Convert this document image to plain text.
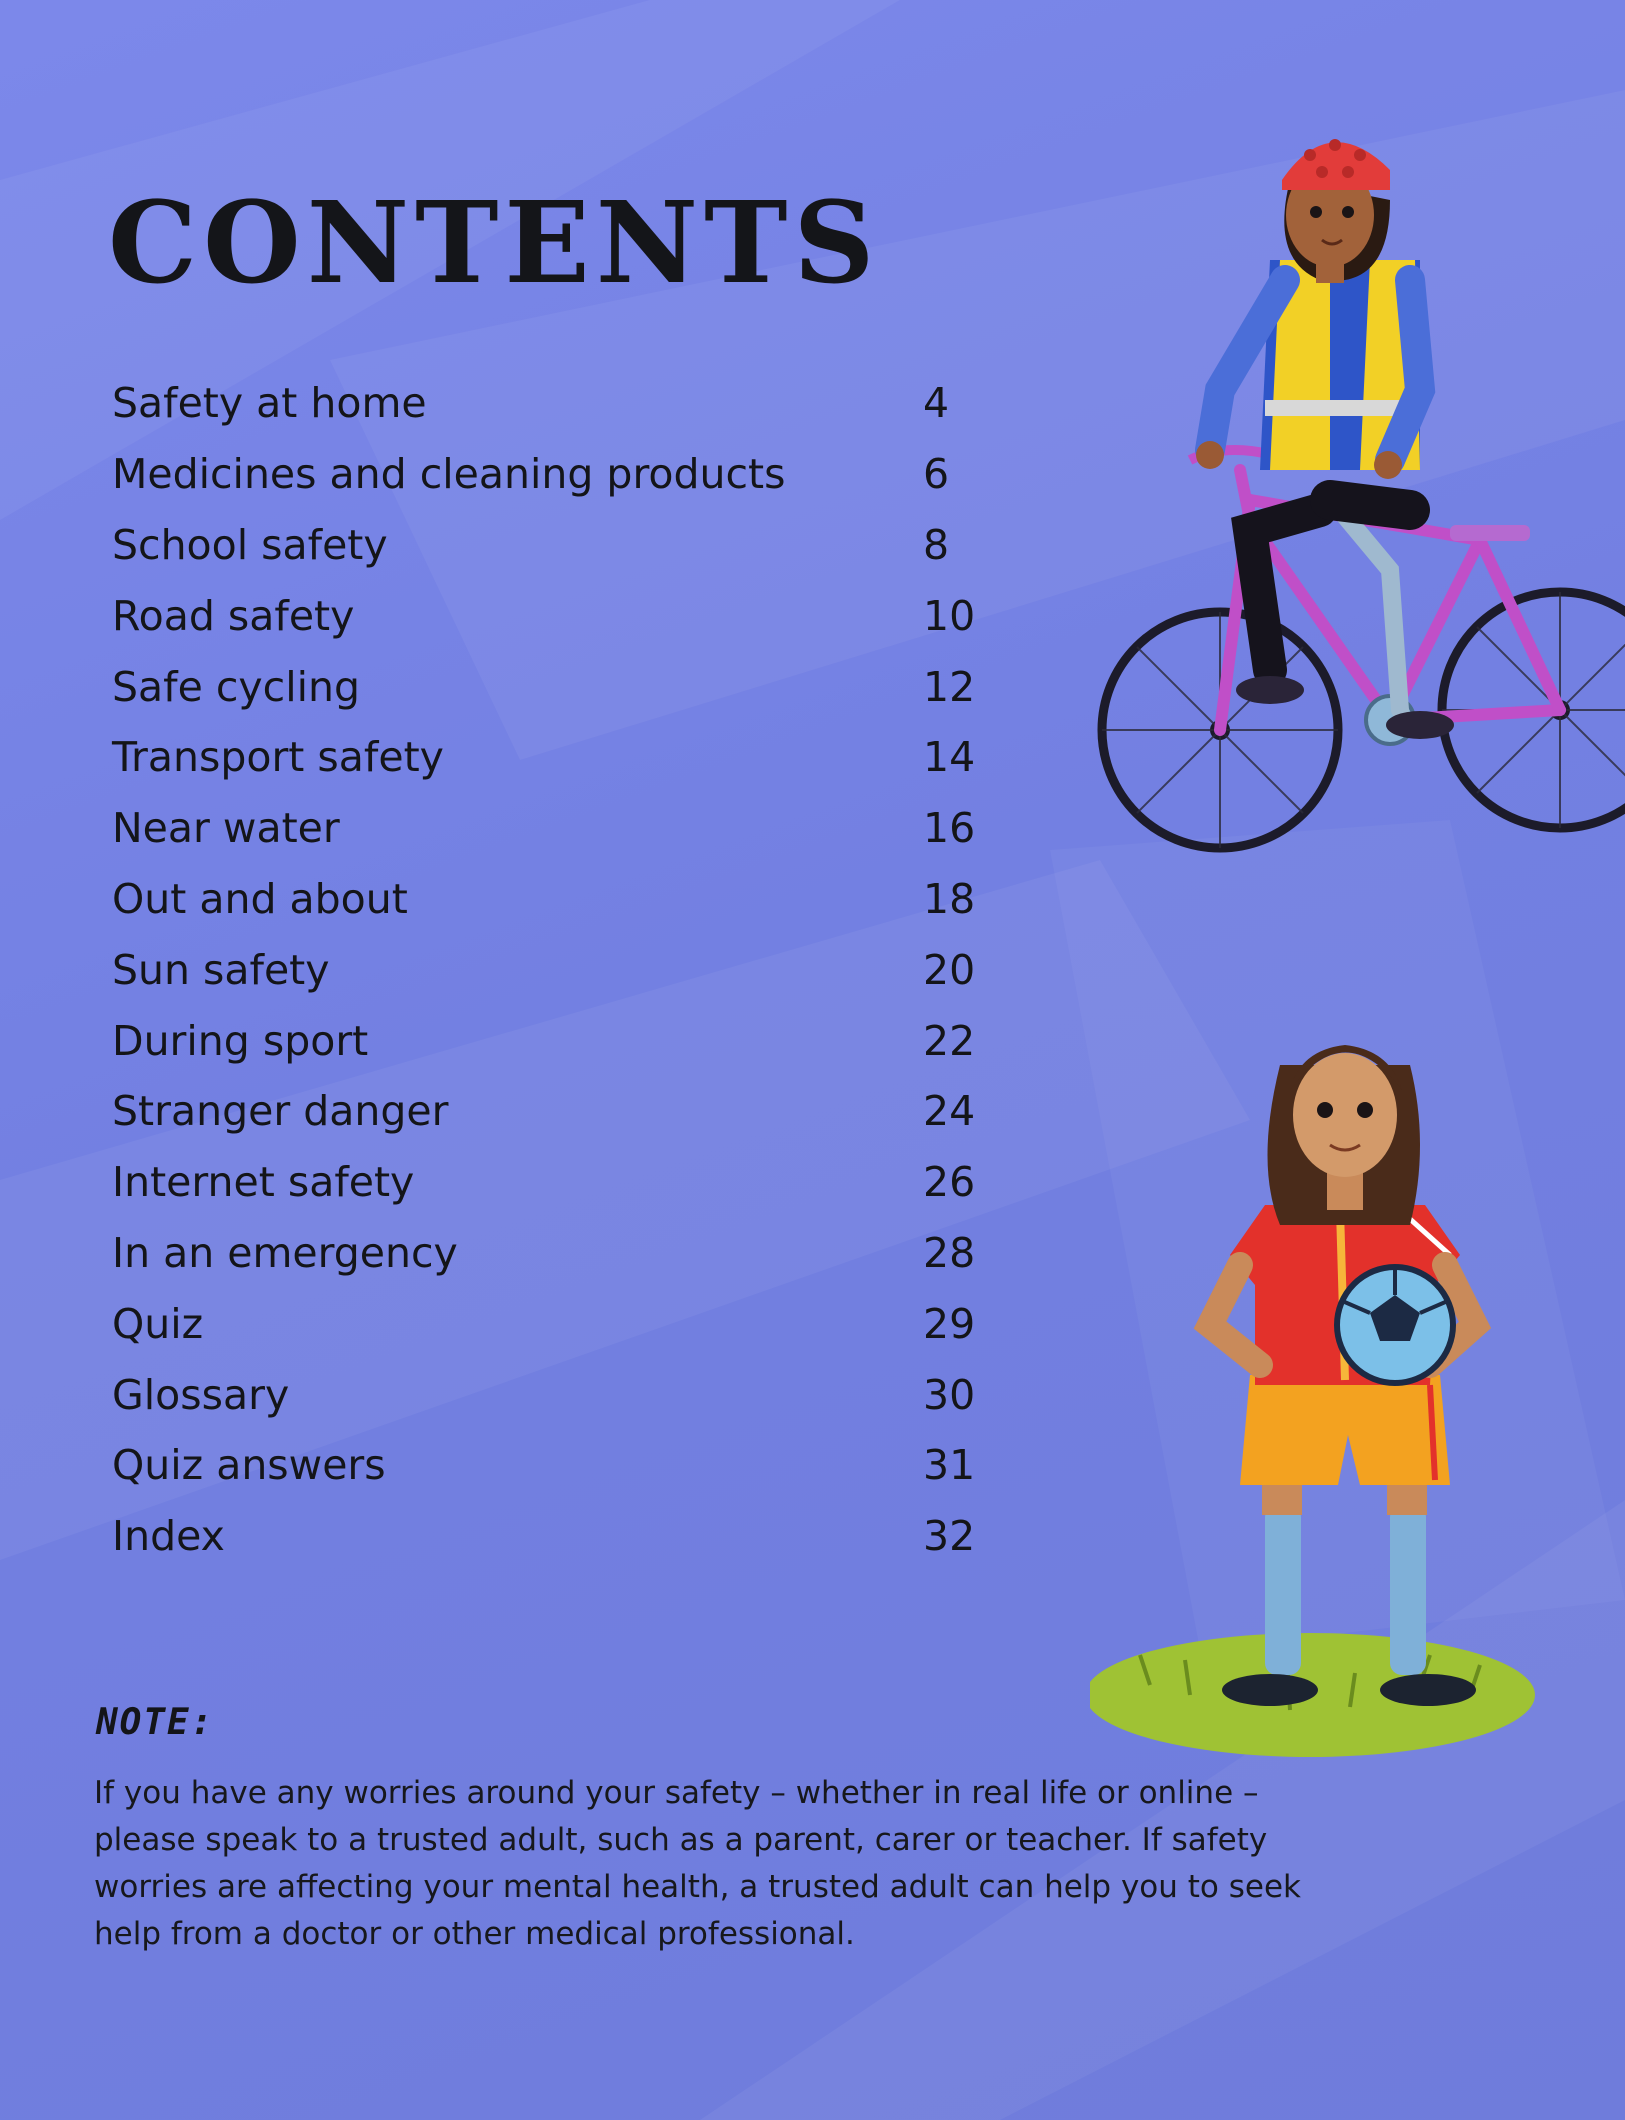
CONTENTS
Safety at home	4
Medicines and cleaning products	6
School safety	8
Road safety	10
Safe cycling	12
Transport safety	14
Near water	16
Out and about	18
Sun safety	20
During sport	22
Stranger danger	24
Internet safety	26
In an emergency	28
Quiz	29
Glossary	30
Quiz answers	31
Index	32
NOTE:

If you have any worries around your safety – whether in real life or online – please speak to a trusted adult, such as a parent, carer or teacher. If safety worries are affecting your mental health, a trusted adult can help you to seek help from a doctor or other medical professional.
